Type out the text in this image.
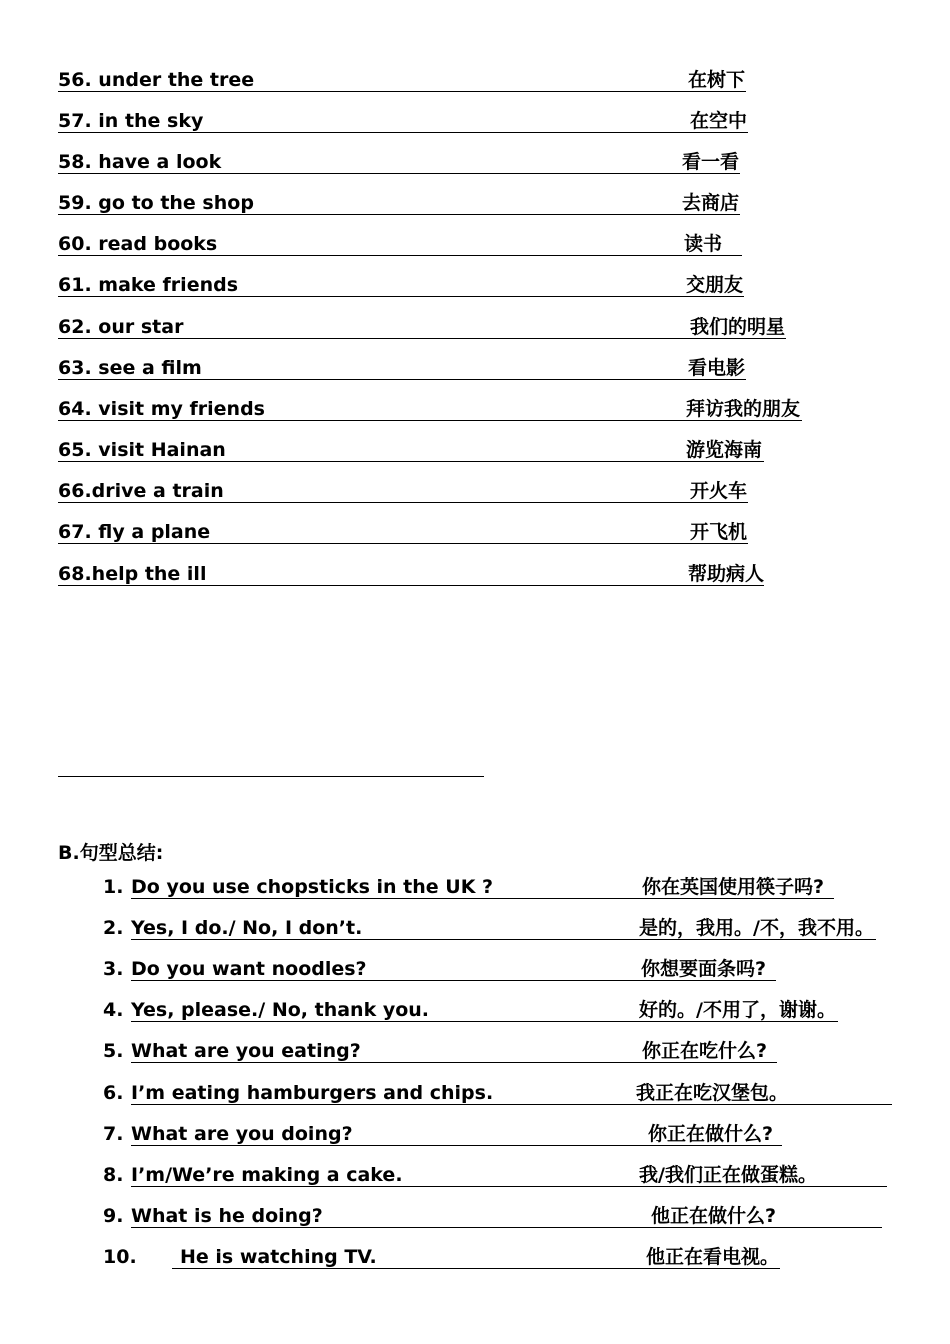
56. under the tree	在树下
57. in the sky	在空中
58. have a look	看一看
59. go to the shop	去商店
60. read books	读书
61. make friends	交朋友
62. our star	我们的明星
63. see a film	看电影
64. visit my friends	拜访我的朋友
65. visit Hainan	游览海南
66.drive a train	开火车
67. fly a plane	开飞机
68.help the ill	帮助病人
B.句型总结:
1. Do you use chopsticks in the UK ?	你在英国使用筷子吗?
2. Yes, I do./ No, I don’t.	是的，我用。/不，我不用。
3. Do you want noodles?	你想要面条吗?
4. Yes, please./ No, thank you.	好的。/不用了，谢谢。
5. What are you eating?	你正在吃什么?
6. I’m eating hamburgers and chips.	我正在吃汉堡包。
7. What are you doing?	你正在做什么?
8. I’m/We’re making a cake.	我/我们正在做蛋糕。
9. What is he doing?	他正在做什么?
10. He is watching TV.	他正在看电视。
